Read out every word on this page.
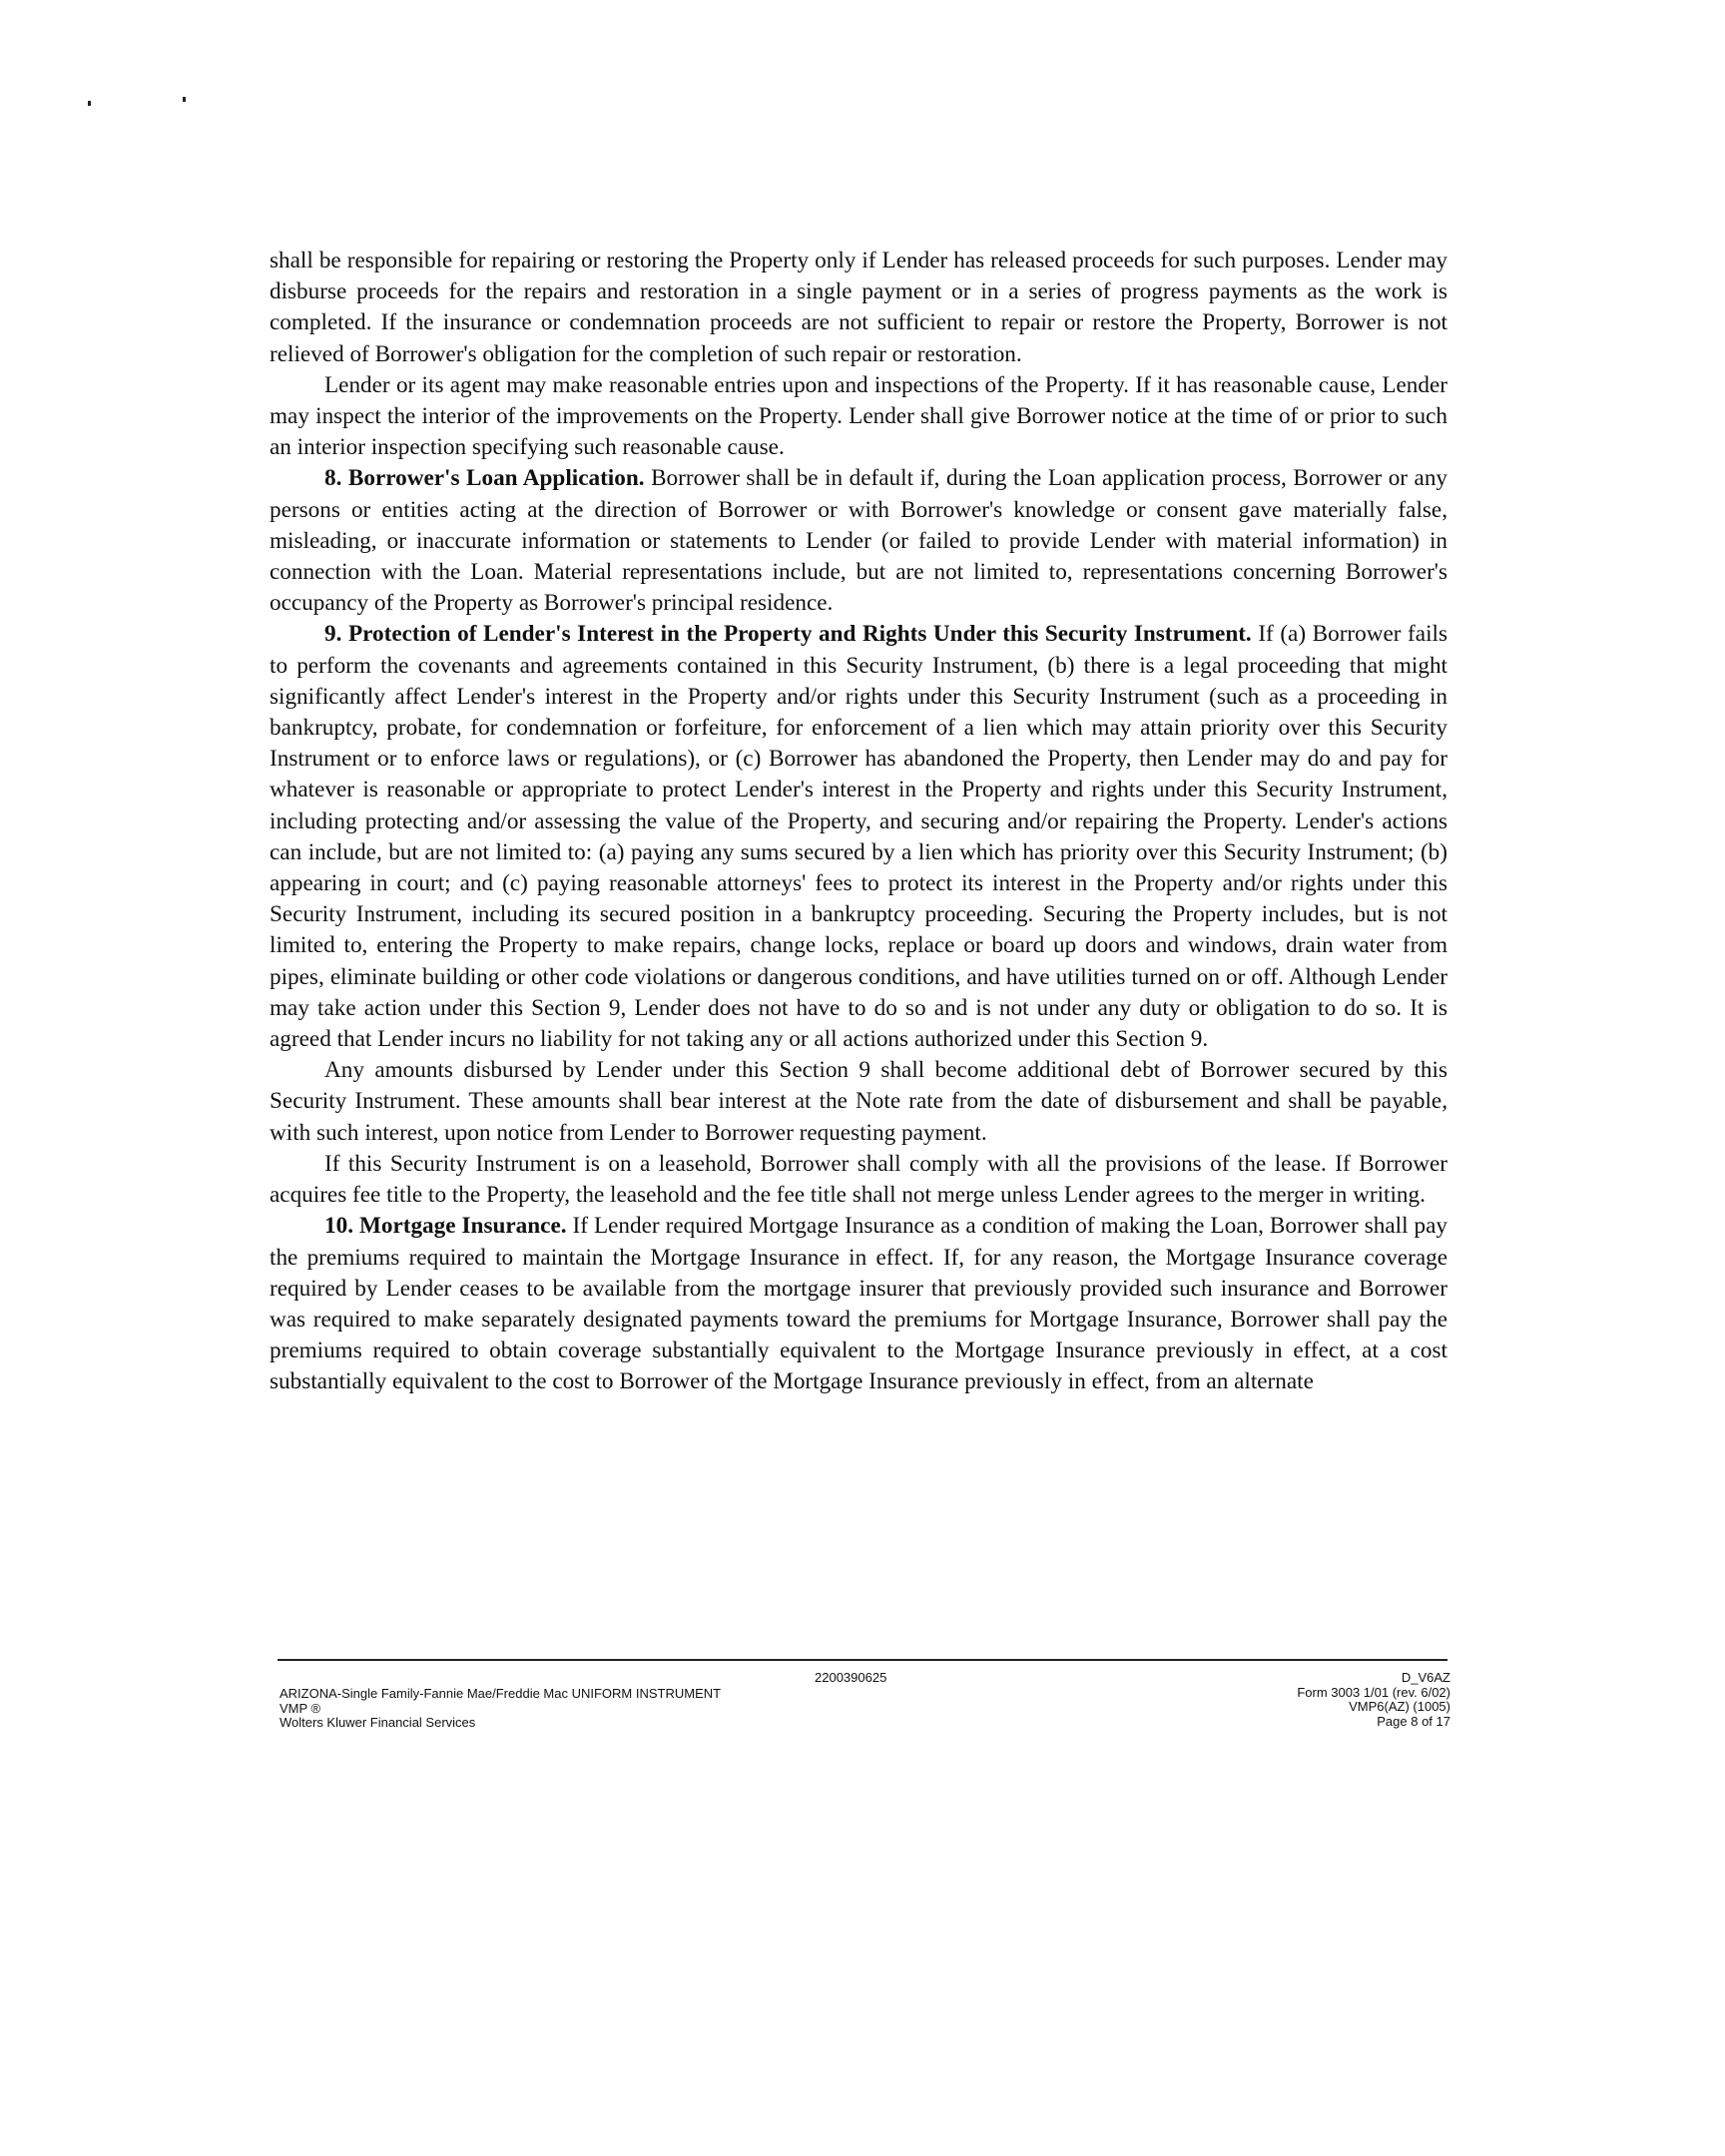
shall be responsible for repairing or restoring the Property only if Lender has released proceeds for such purposes. Lender may disburse proceeds for the repairs and restoration in a single payment or in a series of progress payments as the work is completed. If the insurance or condemnation proceeds are not sufficient to repair or restore the Property, Borrower is not relieved of Borrower's obligation for the completion of such repair or restoration.

Lender or its agent may make reasonable entries upon and inspections of the Property. If it has reasonable cause, Lender may inspect the interior of the improvements on the Property. Lender shall give Borrower notice at the time of or prior to such an interior inspection specifying such reasonable cause.

8. Borrower's Loan Application. Borrower shall be in default if, during the Loan application process, Borrower or any persons or entities acting at the direction of Borrower or with Borrower's knowledge or consent gave materially false, misleading, or inaccurate information or statements to Lender (or failed to provide Lender with material information) in connection with the Loan. Material representations include, but are not limited to, representations concerning Borrower's occupancy of the Property as Borrower's principal residence.

9. Protection of Lender's Interest in the Property and Rights Under this Security Instrument. If (a) Borrower fails to perform the covenants and agreements contained in this Security Instrument, (b) there is a legal proceeding that might significantly affect Lender's interest in the Property and/or rights under this Security Instrument (such as a proceeding in bankruptcy, probate, for condemnation or forfeiture, for enforcement of a lien which may attain priority over this Security Instrument or to enforce laws or regulations), or (c) Borrower has abandoned the Property, then Lender may do and pay for whatever is reasonable or appropriate to protect Lender's interest in the Property and rights under this Security Instrument, including protecting and/or assessing the value of the Property, and securing and/or repairing the Property. Lender's actions can include, but are not limited to: (a) paying any sums secured by a lien which has priority over this Security Instrument; (b) appearing in court; and (c) paying reasonable attorneys' fees to protect its interest in the Property and/or rights under this Security Instrument, including its secured position in a bankruptcy proceeding. Securing the Property includes, but is not limited to, entering the Property to make repairs, change locks, replace or board up doors and windows, drain water from pipes, eliminate building or other code violations or dangerous conditions, and have utilities turned on or off. Although Lender may take action under this Section 9, Lender does not have to do so and is not under any duty or obligation to do so. It is agreed that Lender incurs no liability for not taking any or all actions authorized under this Section 9.

Any amounts disbursed by Lender under this Section 9 shall become additional debt of Borrower secured by this Security Instrument. These amounts shall bear interest at the Note rate from the date of disbursement and shall be payable, with such interest, upon notice from Lender to Borrower requesting payment.

If this Security Instrument is on a leasehold, Borrower shall comply with all the provisions of the lease. If Borrower acquires fee title to the Property, the leasehold and the fee title shall not merge unless Lender agrees to the merger in writing.

10. Mortgage Insurance. If Lender required Mortgage Insurance as a condition of making the Loan, Borrower shall pay the premiums required to maintain the Mortgage Insurance in effect. If, for any reason, the Mortgage Insurance coverage required by Lender ceases to be available from the mortgage insurer that previously provided such insurance and Borrower was required to make separately designated payments toward the premiums for Mortgage Insurance, Borrower shall pay the premiums required to obtain coverage substantially equivalent to the Mortgage Insurance previously in effect, at a cost substantially equivalent to the cost to Borrower of the Mortgage Insurance previously in effect, from an alternate

2200390625
ARIZONA-Single Family-Fannie Mae/Freddie Mac UNIFORM INSTRUMENT
VMP ®
Wolters Kluwer Financial Services
D_V6AZ
Form 3003 1/01 (rev. 6/02)
VMP6(AZ) (1005)
Page 8 of 17
